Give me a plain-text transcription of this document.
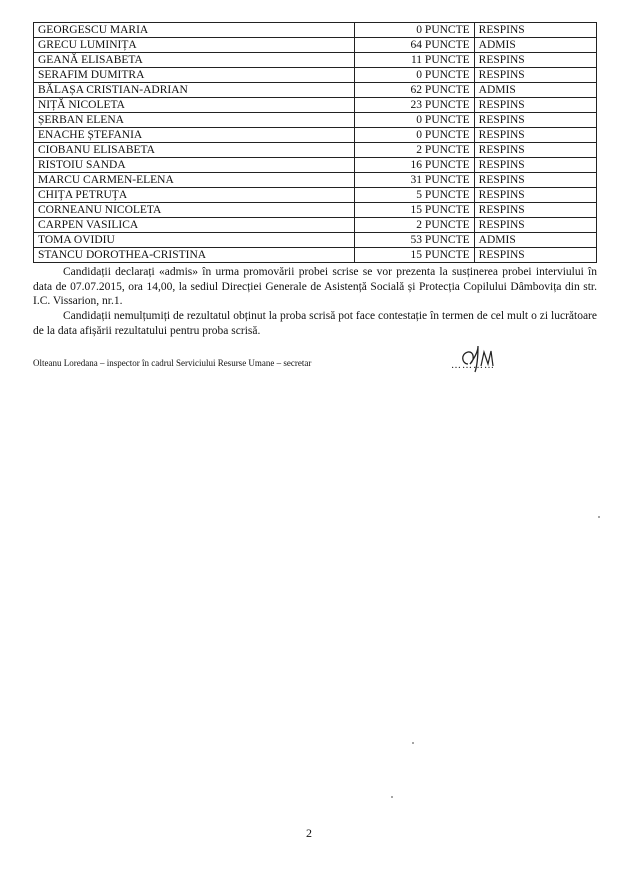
GEORGESCU MARIA	0 PUNCTE	RESPINS
GRECU LUMINIȚA	64 PUNCTE	ADMIS
GEANĂ ELISABETA	11 PUNCTE	RESPINS
SERAFIM DUMITRA	0 PUNCTE	RESPINS
BĂLAȘA CRISTIAN-ADRIAN	62 PUNCTE	ADMIS
NIȚĂ NICOLETA	23 PUNCTE	RESPINS
ȘERBAN ELENA	0 PUNCTE	RESPINS
ENACHE ȘTEFANIA	0 PUNCTE	RESPINS
CIOBANU ELISABETA	2 PUNCTE	RESPINS
RISTOIU SANDA	16 PUNCTE	RESPINS
MARCU CARMEN-ELENA	31 PUNCTE	RESPINS
CHIȚA PETRUȚA	5 PUNCTE	RESPINS
CORNEANU NICOLETA	15 PUNCTE	RESPINS
CARPEN VASILICA	2 PUNCTE	RESPINS
TOMA OVIDIU	53 PUNCTE	ADMIS
STANCU DOROTHEA-CRISTINA	15 PUNCTE	RESPINS

Candidații declarați «admis» în urma promovării probei scrise se vor prezenta la susținerea probei interviului în data de 07.07.2015, ora 14,00, la sediul Direcției Generale de Asistență Socială și Protecția Copilului Dâmbovița din str. I.C. Vissarion, nr.1.

Candidații nemulțumiți de rezultatul obținut la proba scrisă pot face contestație în termen de cel mult o zi lucrătoare de la data afișării rezultatului pentru proba scrisă.

Olteanu Loredana – inspector în cadrul Serviciului Resurse Umane – secretar	…………
2
